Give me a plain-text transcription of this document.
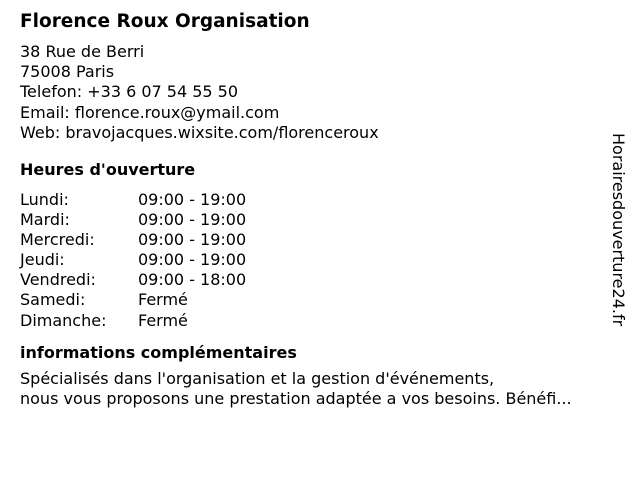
Florence Roux Organisation
38 Rue de Berri
75008 Paris
Telefon: +33 6 07 54 55 50
Email: florence.roux@ymail.com
Web: bravojacques.wixsite.com/florenceroux
Heures d'ouverture
Lundi:	09:00 - 19:00
Mardi:	09:00 - 19:00
Mercredi:	09:00 - 19:00
Jeudi:	09:00 - 19:00
Vendredi:	09:00 - 18:00
Samedi:	Fermé
Dimanche:	Fermé
informations complémentaires
Spécialisés dans l'organisation et la gestion d'événements,
nous vous proposons une prestation adaptée a vos besoins. Bénéfi...
Horairesdouverture24.fr
